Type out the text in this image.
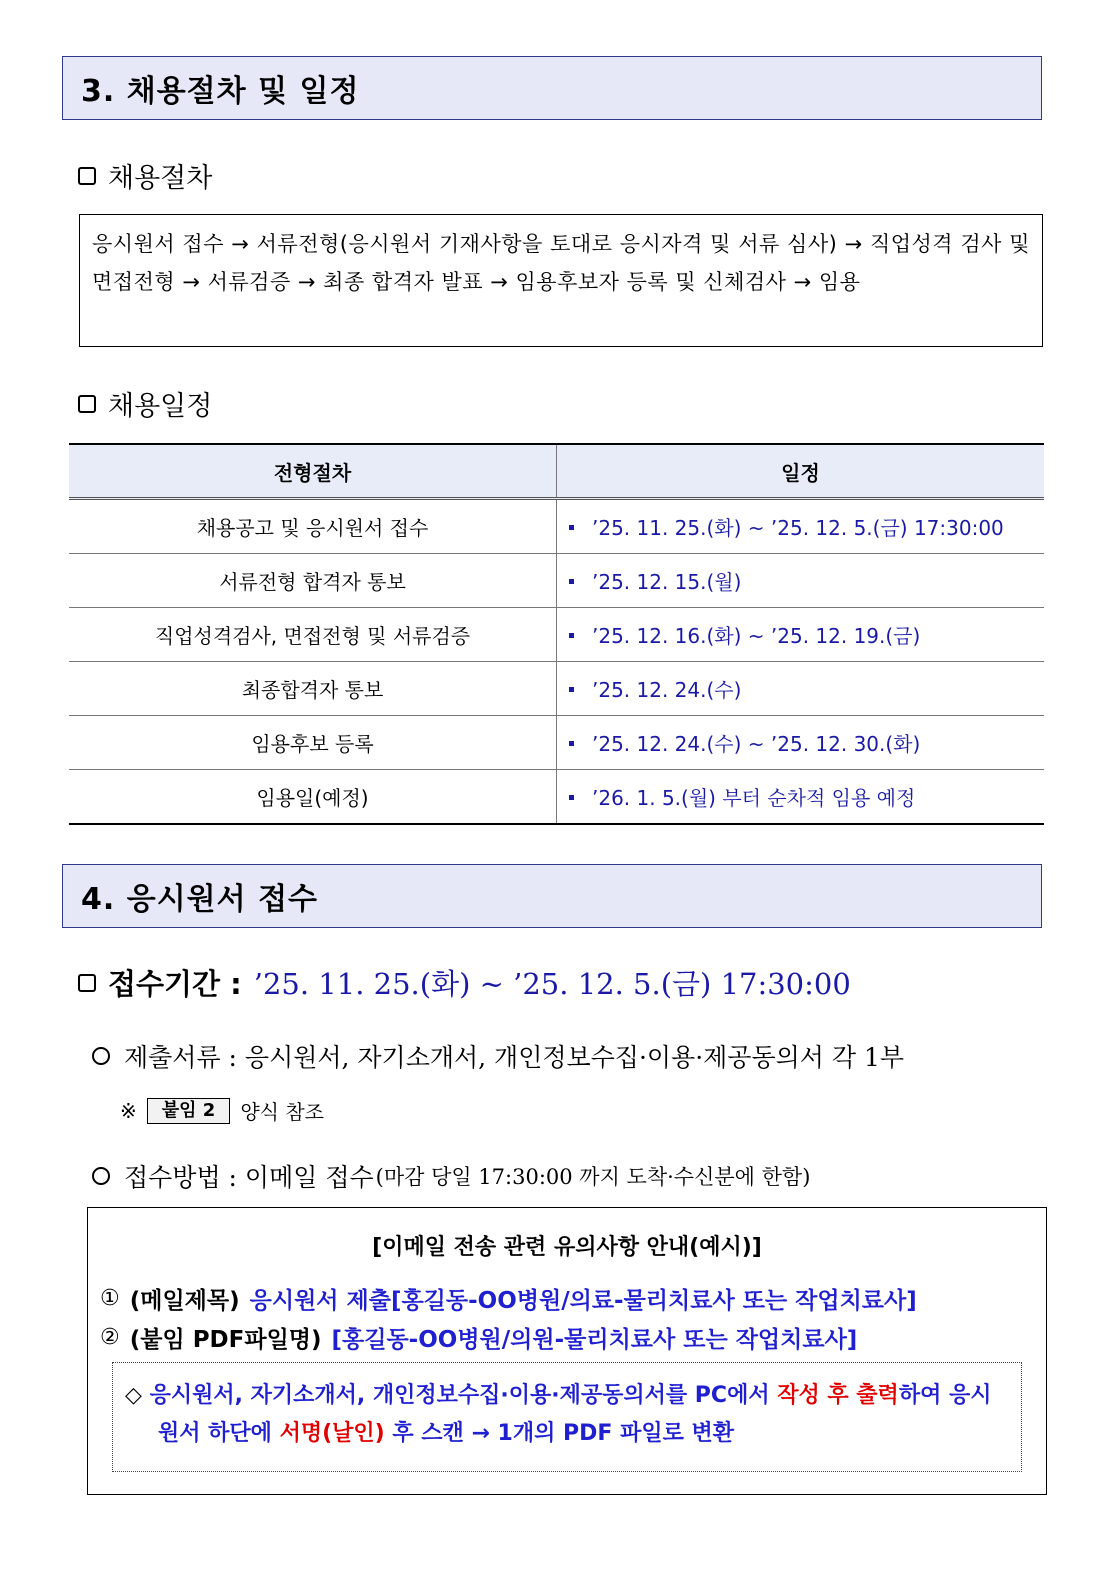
3. 채용절차 및 일정
채용절차
응시원서 접수 → 서류전형(응시원서 기재사항을 토대로 응시자격 및 서류 심사) → 직업성격 검사 및 면접전형 → 서류검증 → 최종 합격자 발표 → 임용후보자 등록 및 신체검사 → 임용
채용일정
전형절차	일정
채용공고 및 응시원서 접수	’25. 11. 25.(화) ~ ’25. 12. 5.(금) 17:30:00
서류전형 합격자 통보	’25. 12. 15.(월)
직업성격검사, 면접전형 및 서류검증	’25. 12. 16.(화) ~ ’25. 12. 19.(금)
최종합격자 통보	’25. 12. 24.(수)
임용후보 등록	’25. 12. 24.(수) ~ ’25. 12. 30.(화)
임용일(예정)	’26. 1. 5.(월) 부터 순차적 임용 예정
4. 응시원서 접수
접수기간 : ’25. 11. 25.(화) ~ ’25. 12. 5.(금) 17:30:00
제출서류 : 응시원서, 자기소개서, 개인정보수집·이용·제공동의서 각 1부
※	붙임 2	양식 참조
접수방법 : 이메일 접수 (마감 당일 17:30:00 까지 도착·수신분에 한함)
[이메일 전송 관련 유의사항 안내(예시)]
① (메일제목) 응시원서 제출[홍길동-OO병원/의료-물리치료사 또는 작업치료사]
② (붙임 PDF파일명) [홍길동-OO병원/의원-물리치료사 또는 작업치료사]
◇ 응시원서, 자기소개서, 개인정보수집·이용·제공동의서를 PC에서 작성 후 출력하여 응시
원서 하단에 서명(날인) 후 스캔 → 1개의 PDF 파일로 변환
